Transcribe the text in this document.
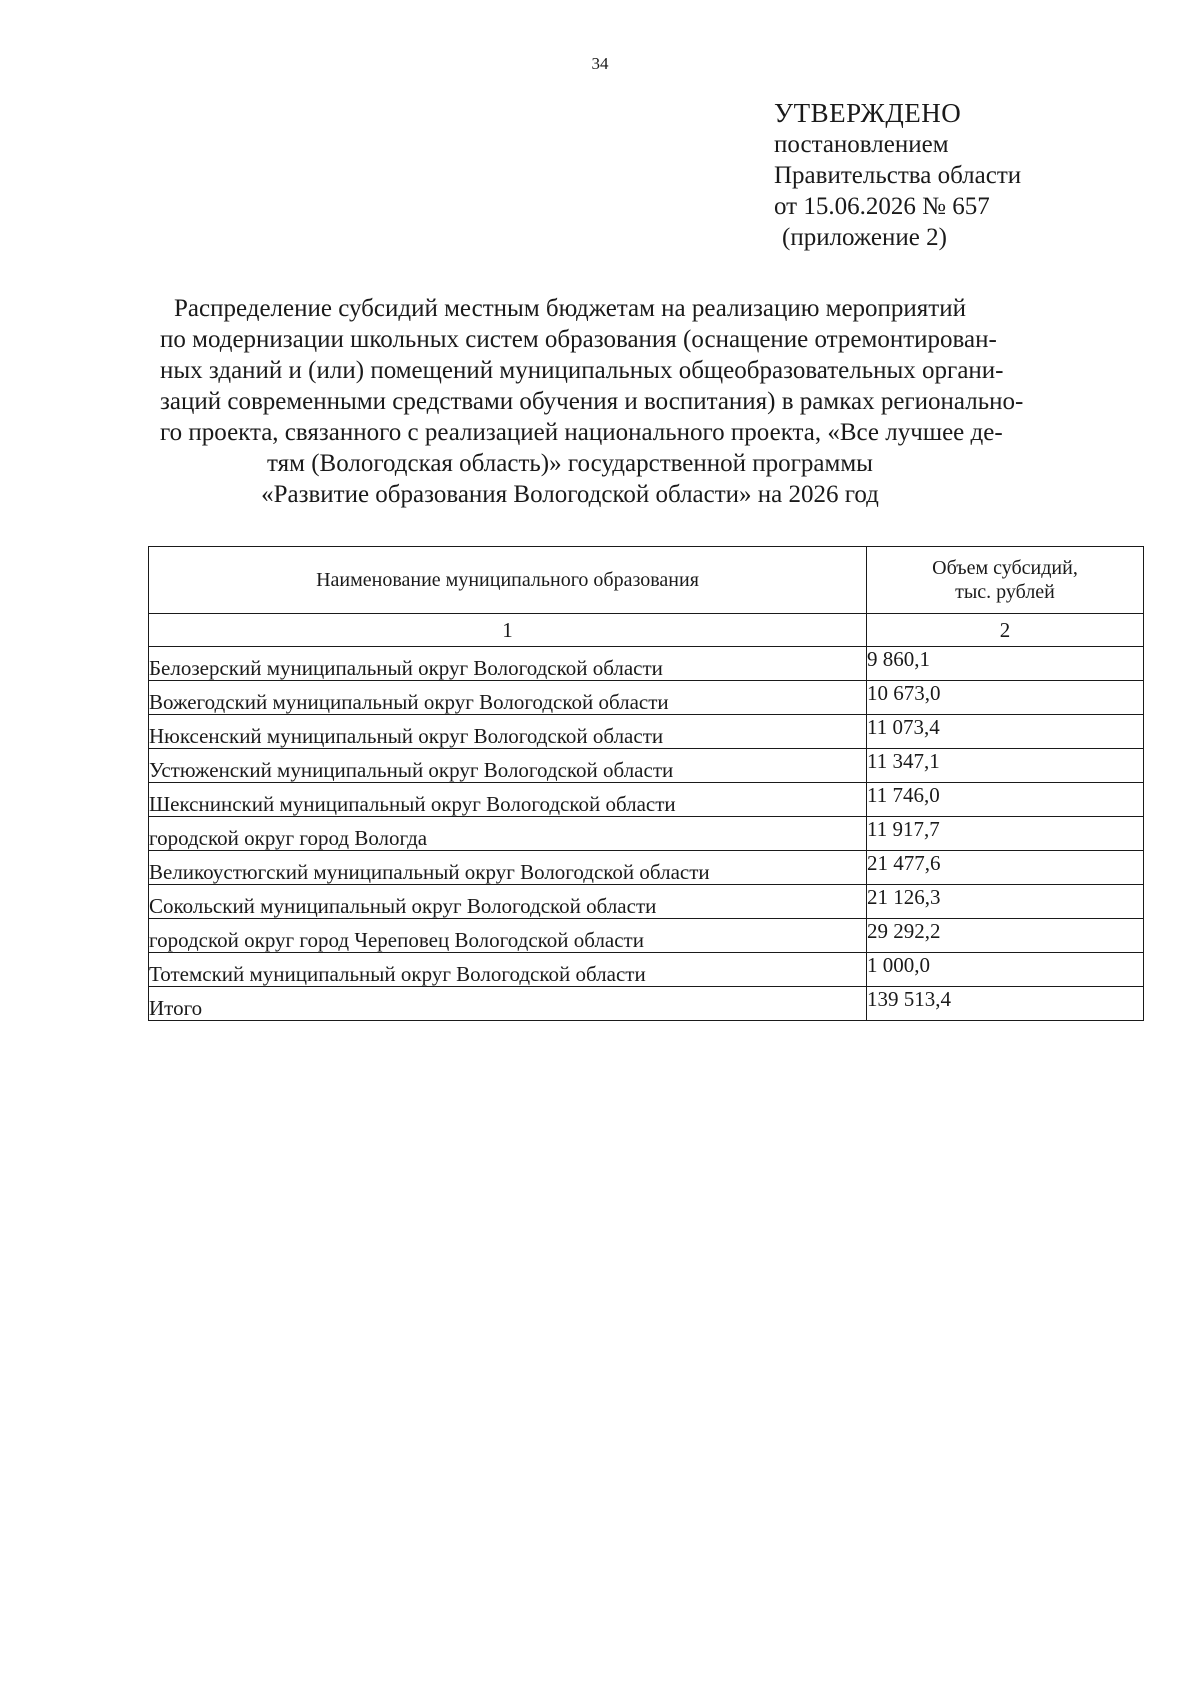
34
УТВЕРЖДЕНО
постановлением
Правительства области
от 15.06.2026 № 657
(приложение 2)
Распределение субсидий местным бюджетам на реализацию мероприятий
по модернизации школьных систем образования (оснащение отремонтирован-
ных зданий и (или) помещений муниципальных общеобразовательных органи-
заций современными средствами обучения и воспитания) в рамках регионально-
го проекта, связанного с реализацией национального проекта, «Все лучшее де-
тям (Вологодская область)» государственной программы
«Развитие образования Вологодской области» на 2026 год
Наименование муниципального образования	Объем субсидий,
тыс. рублей

1	2
Белозерский муниципальный округ Вологодской области	9 860,1
Вожегодский муниципальный округ Вологодской области	10 673,0
Нюксенский муниципальный округ Вологодской области	11 073,4
Устюженский муниципальный округ Вологодской области	11 347,1
Шекснинский муниципальный округ Вологодской области	11 746,0
городской округ город Вологда	11 917,7
Великоустюгский муниципальный округ Вологодской области	21 477,6
Сокольский муниципальный округ Вологодской области	21 126,3
городской округ город Череповец Вологодской области	29 292,2
Тотемский муниципальный округ Вологодской области	1 000,0
Итого	139 513,4
